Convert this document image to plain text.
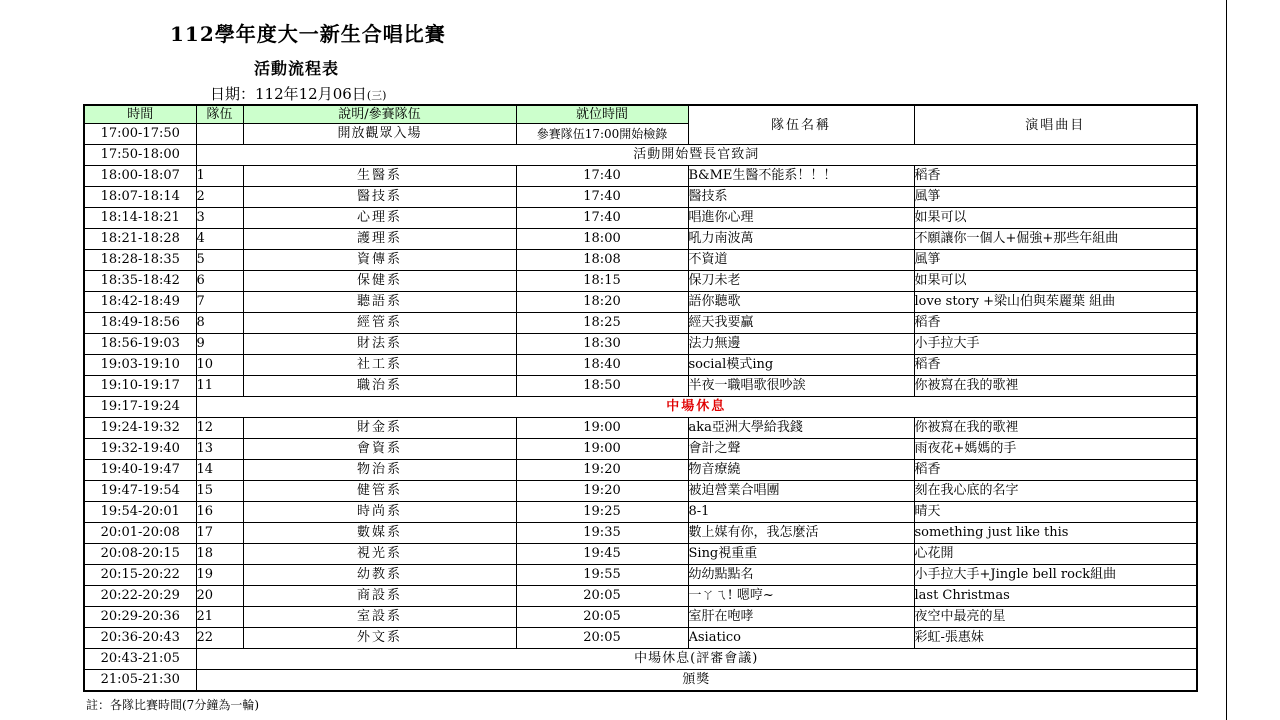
112學年度大一新生合唱比賽
活動流程表
日期：112年12月06日(三)
時間	隊伍	說明/參賽隊伍	就位時間	隊伍名稱	演唱曲目
17:00-17:50		開放觀眾入場	參賽隊伍17:00開始檢錄		
17:50-18:00	活動開始暨長官致詞				
18:00-18:07	1	生醫系	17:40	B&ME生醫不能系！！！	稻香
18:07-18:14	2	醫技系	17:40	醫技系	風箏
18:14-18:21	3	心理系	17:40	唱進你心理	如果可以
18:21-18:28	4	護理系	18:00	吼力南波萬	不願讓你一個人+倔強+那些年組曲
18:28-18:35	5	資傳系	18:08	不資道	風箏
18:35-18:42	6	保健系	18:15	保刀未老	如果可以
18:42-18:49	7	聽語系	18:20	語你聽歌	love story +梁山伯與茱麗葉 組曲
18:49-18:56	8	經管系	18:25	經天我要贏	稻香
18:56-19:03	9	財法系	18:30	法力無邊	小手拉大手
19:03-19:10	10	社工系	18:40	social模式ing	稻香
19:10-19:17	11	職治系	18:50	半夜一職唱歌很吵誒	你被寫在我的歌裡
19:17-19:24	中場休息				
19:24-19:32	12	財金系	19:00	aka亞洲大學給我錢	你被寫在我的歌裡
19:32-19:40	13	會資系	19:00	會計之聲	雨夜花+媽媽的手
19:40-19:47	14	物治系	19:20	物音療繞	稻香
19:47-19:54	15	健管系	19:20	被迫營業合唱團	刻在我心底的名字
19:54-20:01	16	時尚系	19:25	8-1	晴天
20:01-20:08	17	數媒系	19:35	數上媒有你，我怎麼活	something just like this
20:08-20:15	18	視光系	19:45	Sing視重重	心花開
20:15-20:22	19	幼教系	19:55	幼幼點點名	小手拉大手+Jingle bell rock組曲
20:22-20:29	20	商設系	20:05	一ㄚㄟ! 嗯哼~	last Christmas
20:29-20:36	21	室設系	20:05	室肝在咆哮	夜空中最亮的星
20:36-20:43	22	外文系	20:05	Asiatico	彩虹-張惠妹
20:43-21:05	中場休息(評審會議)				
21:05-21:30	頒獎				
註：各隊比賽時間(7分鐘為一輪)
